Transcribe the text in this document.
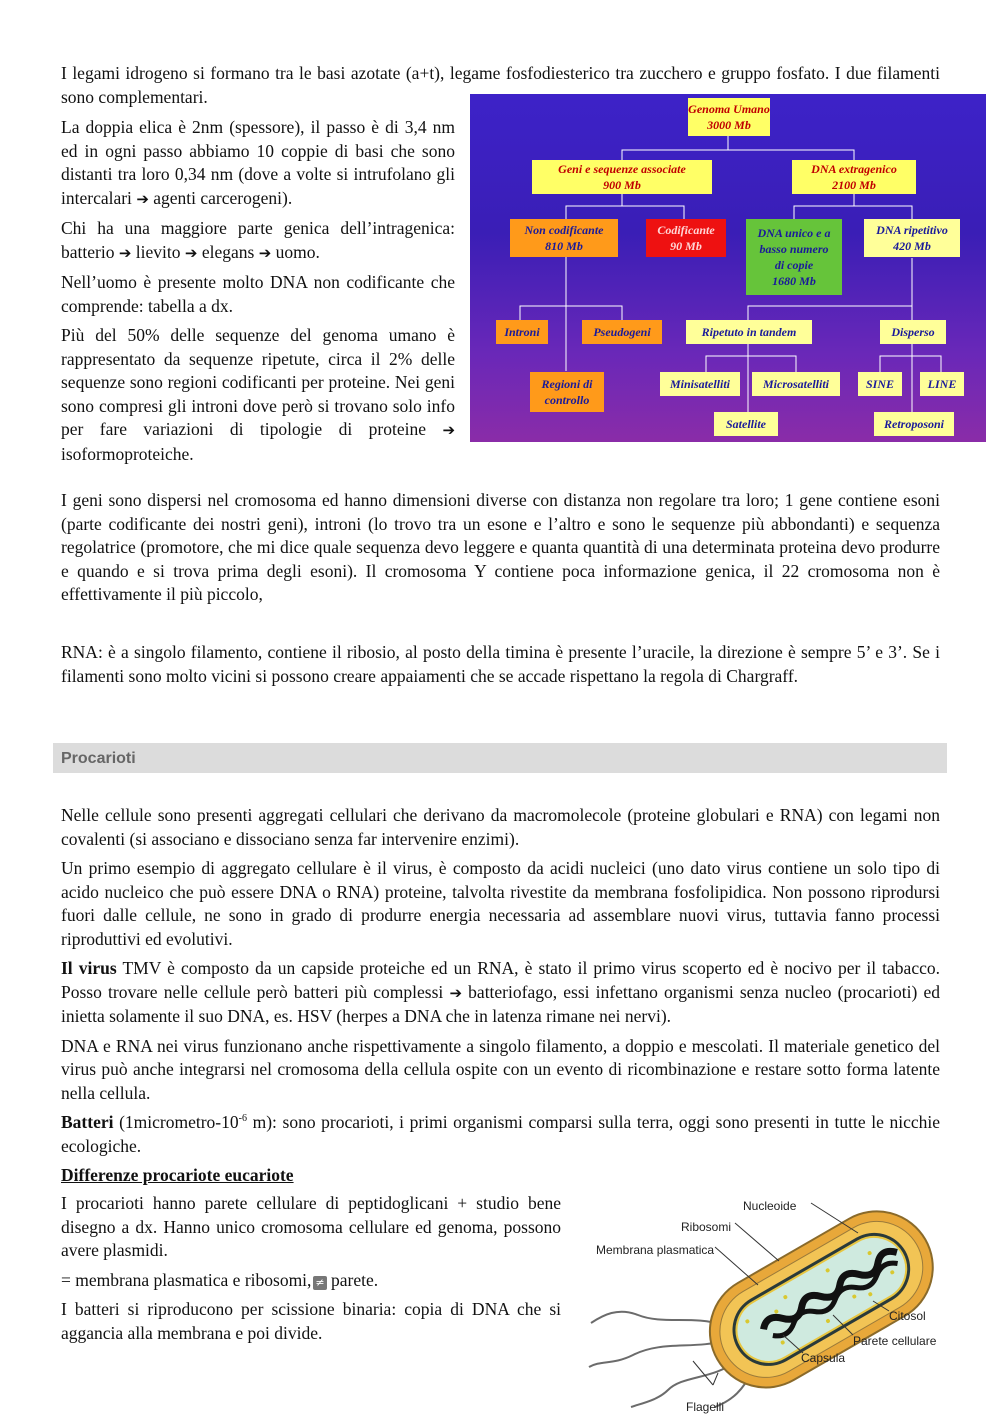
I legami idrogeno si formano tra le basi azotate (a+t), legame fosfodiesterico tra zucchero e gruppo fosfato. I due filamenti sono complementari.

La doppia elica è 2nm (spessore), il passo è di 3,4 nm ed in ogni passo abbiamo 10 coppie di basi che sono distanti tra loro 0,34 nm (dove a volte si intrufolano gli intercalari ➔ agenti carcerogeni).

Chi ha una maggiore parte genica dell’intragenica: batterio ➔ lievito ➔ elegans ➔ uomo.

Nell’uomo è presente molto DNA non codificante che comprende: tabella a dx.

Più del 50% delle sequenze del genoma umano è rappresentato da sequenze ripetute, circa il 2% delle sequenze sono regioni codificanti per proteine. Nei geni sono compresi gli introni dove però si trovano solo info per fare variazioni di tipologie di proteine ➔ isoformoproteiche.

Genoma Umano
3000 Mb
Geni e sequenze associate
900 Mb
DNA extragenico
2100 Mb
Non codificante
810 Mb
Codificante
90 Mb
DNA unico e a
basso numero
di copie
1680 Mb
DNA ripetitivo
420 Mb
Introni	Pseudogeni	Ripetuto in tandem	Disperso
Regioni di
controllo
Minisatelliti	Microsatelliti	SINE	LINE
Satellite	Retroposoni

I geni sono dispersi nel cromosoma ed hanno dimensioni diverse con distanza non regolare tra loro; 1 gene contiene esoni (parte codificante dei nostri geni), introni (lo trovo tra un esone e l’altro e sono le sequenze più abbondanti) e sequenza regolatrice (promotore, che mi dice quale sequenza devo leggere e quanta quantità di una determinata proteina devo produrre e quando e si trova prima degli esoni). Il cromosoma Y contiene poca informazione genica, il 22 cromosoma non è effettivamente il più piccolo,

RNA: è a singolo filamento, contiene il ribosio, al posto della timina è presente l’uracile, la direzione è sempre 5’ e 3’. Se i filamenti sono molto vicini si possono creare appaiamenti che se accade rispettano la regola di Chargraff.

Procarioti

Nelle cellule sono presenti aggregati cellulari che derivano da macromolecole (proteine globulari e RNA) con legami non covalenti (si associano e dissociano senza far intervenire enzimi).

Un primo esempio di aggregato cellulare è il virus, è composto da acidi nucleici (uno dato virus contiene un solo tipo di acido nucleico che può essere DNA o RNA) proteine, talvolta rivestite da membrana fosfolipidica. Non possono riprodursi fuori dalle cellule, ne sono in grado di produrre energia necessaria ad assemblare nuovi virus, tuttavia fanno processi riproduttivi ed evolutivi.

Il virus TMV è composto da un capside proteiche ed un RNA, è stato il primo virus scoperto ed è nocivo per il tabacco. Posso trovare nelle cellule però batteri più complessi ➔ batteriofago, essi infettano organismi senza nucleo (procarioti) ed inietta solamente il suo DNA, es. HSV (herpes a DNA che in latenza rimane nei nervi).

DNA e RNA nei virus funzionano anche rispettivamente a singolo filamento, a doppio e mescolati. Il materiale genetico del virus può anche integrarsi nel cromosoma della cellula ospite con un evento di ricombinazione e restare sotto forma latente nella cellula.

Batteri ($1micrometro-10^{-6}$ m): sono procarioti, i primi organismi comparsi sulla terra, oggi sono presenti in tutte le nicchie ecologiche.

Differenze procariote eucariote

I procarioti hanno parete cellulare di peptidoglicani + studio bene disegno a dx. Hanno unico cromosoma cellulare ed genoma, possono avere plasmidi.

= membrana plasmatica e ribosomi, ≠ parete.

I batteri si riproducono per scissione binaria: copia di DNA che si aggancia alla membrana e poi divide.

Nucleoide
Ribosomi
Membrana plasmatica
Citosol
Parete cellulare
Capsula
Flagelli
